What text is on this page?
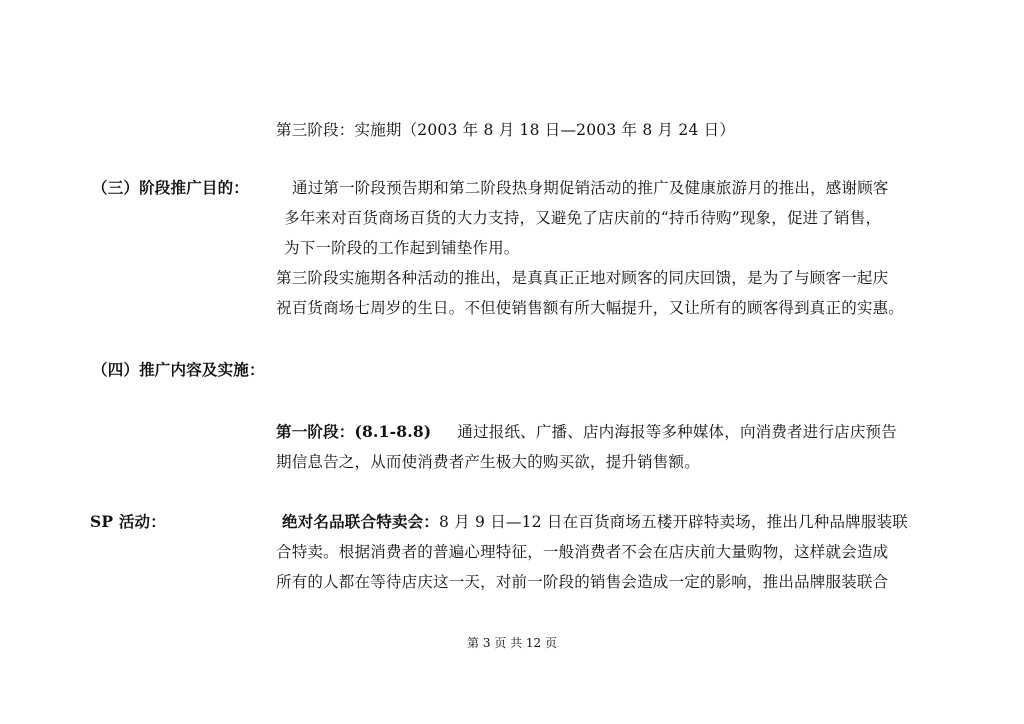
第三阶段：实施期（2003 年 8 月 18 日—2003 年 8 月 24 日）
（三）阶段推广目的：	通过第一阶段预告期和第二阶段热身期促销活动的推广及健康旅游月的推出，感谢顾客
多年来对百货商场百货的大力支持，又避免了店庆前的“持币待购”现象，促进了销售，
为下一阶段的工作起到铺垫作用。
第三阶段实施期各种活动的推出，是真真正正地对顾客的同庆回馈，是为了与顾客一起庆
祝百货商场七周岁的生日。不但使销售额有所大幅提升，又让所有的顾客得到真正的实惠。
（四）推广内容及实施：
第一阶段：(8.1-8.8) 通过报纸、广播、店内海报等多种媒体，向消费者进行店庆预告
期信息告之，从而使消费者产生极大的购买欲，提升销售额。
SP 活动：	绝对名品联合特卖会：8 月 9 日—12 日在百货商场五楼开辟特卖场，推出几种品牌服装联
合特卖。根据消费者的普遍心理特征，一般消费者不会在店庆前大量购物，这样就会造成
所有的人都在等待店庆这一天，对前一阶段的销售会造成一定的影响，推出品牌服装联合
第 3 页 共 12 页
